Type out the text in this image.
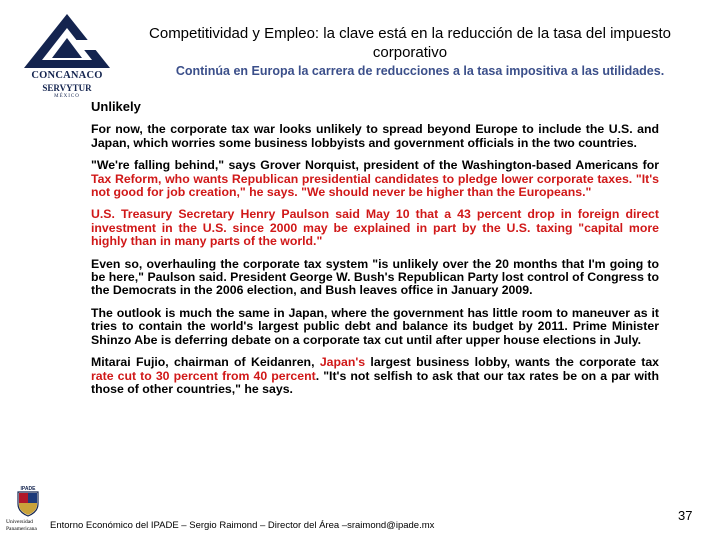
CONCANACO
SERVYTUR
MÉXICO
Competitividad y Empleo: la clave está en la reducción de la tasa del impuesto corporativo
Continúa en Europa la carrera de reducciones a la tasa impositiva a las utilidades.
Unlikely

For now, the corporate tax war looks unlikely to spread beyond Europe to include the U.S. and Japan, which worries some business lobbyists and government officials in the two countries.

"We're falling behind," says Grover Norquist, president of the Washington-based Americans for Tax Reform, who wants Republican presidential candidates to pledge lower corporate taxes. "It's not good for job creation," he says. "We should never be higher than the Europeans."

U.S. Treasury Secretary Henry Paulson said May 10 that a 43 percent drop in foreign direct investment in the U.S. since 2000 may be explained in part by the U.S. taxing "capital more highly than in many parts of the world."

Even so, overhauling the corporate tax system "is unlikely over the 20 months that I'm going to be here," Paulson said. President George W. Bush's Republican Party lost control of Congress to the Democrats in the 2006 election, and Bush leaves office in January 2009.

The outlook is much the same in Japan, where the government has little room to maneuver as it tries to contain the world's largest public debt and balance its budget by 2011. Prime Minister Shinzo Abe is deferring debate on a corporate tax cut until after upper house elections in July.

Mitarai Fujio, chairman of Keidanren, Japan's largest business lobby, wants the corporate tax rate cut to 30 percent from 40 percent. "It's not selfish to ask that our tax rates be on a par with those of other countries," he says.

IPADE
Universidad Panamericana	Entorno Económico del IPADE – Sergio Raimond – Director del Área –sraimond@ipade.mx
37
